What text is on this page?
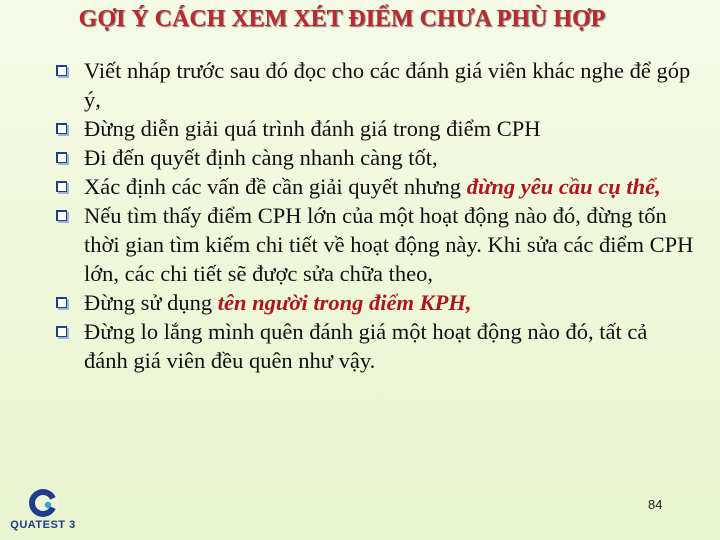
GỢI Ý CÁCH XEM XÉT ĐIỂM CHƯA PHÙ HỢP
Viết nháp trước sau đó đọc cho các đánh giá viên khác nghe để góp ý,
Đừng diễn giải quá trình đánh giá trong điểm CPH
Đi đến quyết định càng nhanh càng tốt,
Xác định các vấn đề cần giải quyết nhưng đừng yêu cầu cụ thể,
Nếu tìm thấy điểm CPH lớn của một hoạt động nào đó, đừng tốn thời gian tìm kiếm chi tiết về hoạt động này. Khi sửa các điểm CPH lớn, các chi tiết sẽ được sửa chữa theo,
Đừng sử dụng tên người trong điểm KPH,
Đừng lo lắng mình quên đánh giá một hoạt động nào đó, tất cả đánh giá viên đều quên như vậy.
QUATEST 3
84
